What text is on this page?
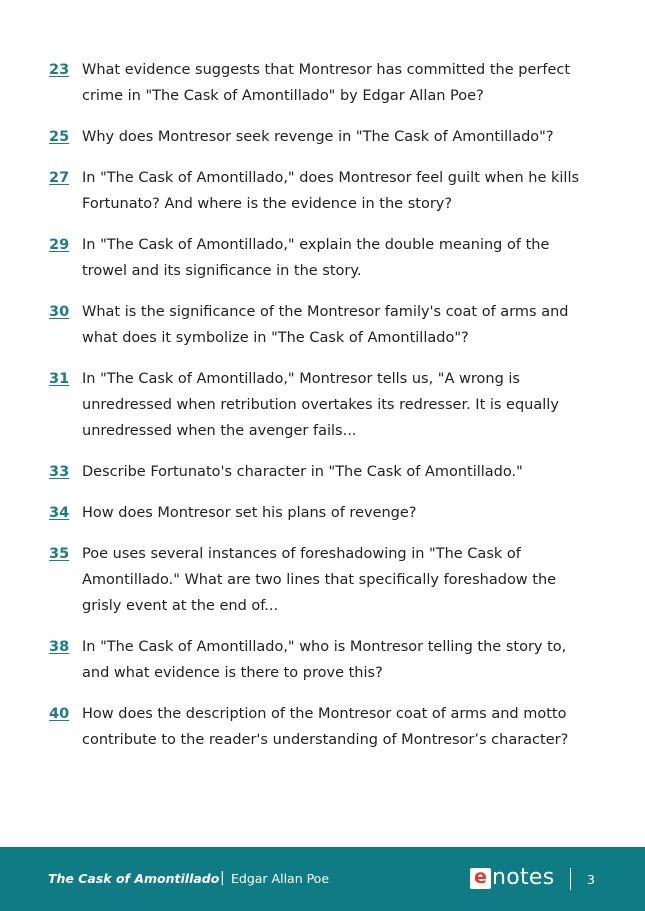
23 What evidence suggests that Montresor has committed the perfect crime in "The Cask of Amontillado" by Edgar Allan Poe?
25 Why does Montresor seek revenge in "The Cask of Amontillado"?
27 In "The Cask of Amontillado," does Montresor feel guilt when he kills Fortunato? And where is the evidence in the story?
29 In "The Cask of Amontillado," explain the double meaning of the trowel and its significance in the story.
30 What is the significance of the Montresor family's coat of arms and what does it symbolize in "The Cask of Amontillado"?
31 In "The Cask of Amontillado," Montresor tells us, "A wrong is unredressed when retribution overtakes its redresser. It is equally unredressed when the avenger fails...
33 Describe Fortunato's character in "The Cask of Amontillado."
34 How does Montresor set his plans of revenge?
35 Poe uses several instances of foreshadowing in "The Cask of Amontillado." What are two lines that specifically foreshadow the grisly event at the end of...
38 In "The Cask of Amontillado," who is Montresor telling the story to, and what evidence is there to prove this?
40 How does the description of the Montresor coat of arms and motto contribute to the reader's understanding of Montresor’s character?
The Cask of Amontillado | Edgar Allan Poe	e notes	3
